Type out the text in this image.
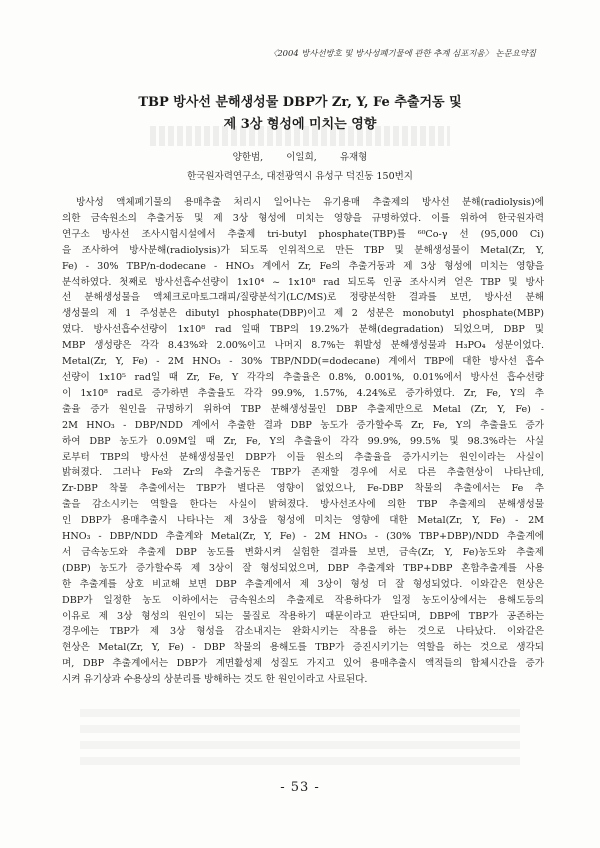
〈2004 방사선방호 및 방사성폐기물에 관한 추계 심포지움〉 논문요약집
TBP 방사선 분해생성물 DBP가 Zr, Y, Fe 추출거동 및
제 3상 형성에 미치는 영향
양한범, 이일희, 유재형
한국원자력연구소, 대전광역시 유성구 덕진동 150번지
방사성 액체폐기물의 용매추출 처리시 일어나는 유기용매 추출제의 방사선 분해(radiolysis)에
의한 금속원소의 추출거동 및 제 3상 형성에 미치는 영향을 규명하였다. 이를 위하여 한국원자력
연구소 방사선 조사시험시설에서 추출제 tri-butyl phosphate(TBP)를 ⁶⁰Co-γ 선 (95,000 Ci)
을 조사하여 방사분해(radiolysis)가 되도록 인위적으로 만든 TBP 및 분해생성물이 Metal(Zr, Y,
Fe) - 30% TBP/n-dodecane - HNO₃ 계에서 Zr, Fe의 추출거동과 제 3상 형성에 미치는 영향을
분석하였다. 첫째로 방사선흡수선량이 1x10⁴ ~ 1x10⁸ rad 되도록 인공 조사시켜 얻은 TBP 및 방사
선 분해생성물을 액체크로마토그래피/질량분석기(LC/MS)로 정량분석한 결과를 보면, 방사선 분해
생성물의 제 1 주성분은 dibutyl phosphate(DBP)이고 제 2 성분은 monobutyl phosphate(MBP)
였다. 방사선흡수선량이 1x10⁸ rad 일때 TBP의 19.2%가 분해(degradation) 되었으며, DBP 및
MBP 생성량은 각각 8.43%와 2.00%이고 나머지 8.7%는 휘발성 분해생성물과 H₃PO₄ 성분이었다.
Metal(Zr, Y, Fe) - 2M HNO₃ - 30% TBP/NDD(=dodecane) 계에서 TBP에 대한 방사선 흡수
선량이 1x10⁵ rad일 때 Zr, Fe, Y 각각의 추출율은 0.8%, 0.001%, 0.01%에서 방사선 흡수선량
이 1x10⁸ rad로 증가하면 추출율도 각각 99.9%, 1.57%, 4.24%로 증가하였다. Zr, Fe, Y의 추
출율 증가 원인을 규명하기 위하여 TBP 분해생성물인 DBP 추출제만으로 Metal (Zr, Y, Fe) -
2M HNO₃ - DBP/NDD 계에서 추출한 결과 DBP 농도가 증가할수록 Zr, Fe, Y의 추출율도 증가
하여 DBP 농도가 0.09M일 때 Zr, Fe, Y의 추출율이 각각 99.9%, 99.5% 및 98.3%라는 사실
로부터 TBP의 방사선 분해생성물인 DBP가 이들 원소의 추출율을 증가시키는 원인이라는 사실이
밝혀졌다. 그러나 Fe와 Zr의 추출거동은 TBP가 존재할 경우에 서로 다른 추출현상이 나타난데,
Zr-DBP 착물 추출에서는 TBP가 별다른 영향이 없었으나, Fe-DBP 착물의 추출에서는 Fe 추
출을 감소시키는 역할을 한다는 사실이 밝혀졌다. 방사선조사에 의한 TBP 추출제의 분해생성물
인 DBP가 용매추출시 나타나는 제 3상을 형성에 미치는 영향에 대한 Metal(Zr, Y, Fe) - 2M
HNO₃ - DBP/NDD 추출계와 Metal(Zr, Y, Fe) - 2M HNO₃ - (30% TBP+DBP)/NDD 추출계에
서 금속농도와 추출제 DBP 농도를 변화시켜 실험한 결과를 보면, 금속(Zr, Y, Fe)농도와 추출제
(DBP) 농도가 증가할수록 제 3상이 잘 형성되었으며, DBP 추출계와 TBP+DBP 혼합추출계를 사용
한 추출계를 상호 비교해 보면 DBP 추출계에서 제 3상이 형성 더 잘 형성되었다. 이와같은 현상은
DBP가 일정한 농도 이하에서는 금속원소의 추출제로 작용하다가 일정 농도이상에서는 용해도등의
이유로 제 3상 형성의 원인이 되는 물질로 작용하기 때문이라고 판단되며, DBP에 TBP가 공존하는
경우에는 TBP가 제 3상 형성을 감소내지는 완화시키는 작용을 하는 것으로 나타났다. 이와같은
현상은 Metal(Zr, Y, Fe) - DBP 착물의 용해도를 TBP가 증진시키기는 역할을 하는 것으로 생각되
며, DBP 추출계에서는 DBP가 계면활성제 성질도 가지고 있어 용매추출시 액적들의 합체시간을 증가
시켜 유기상과 수용상의 상분리를 방해하는 것도 한 원인이라고 사료된다.
- 53 -
